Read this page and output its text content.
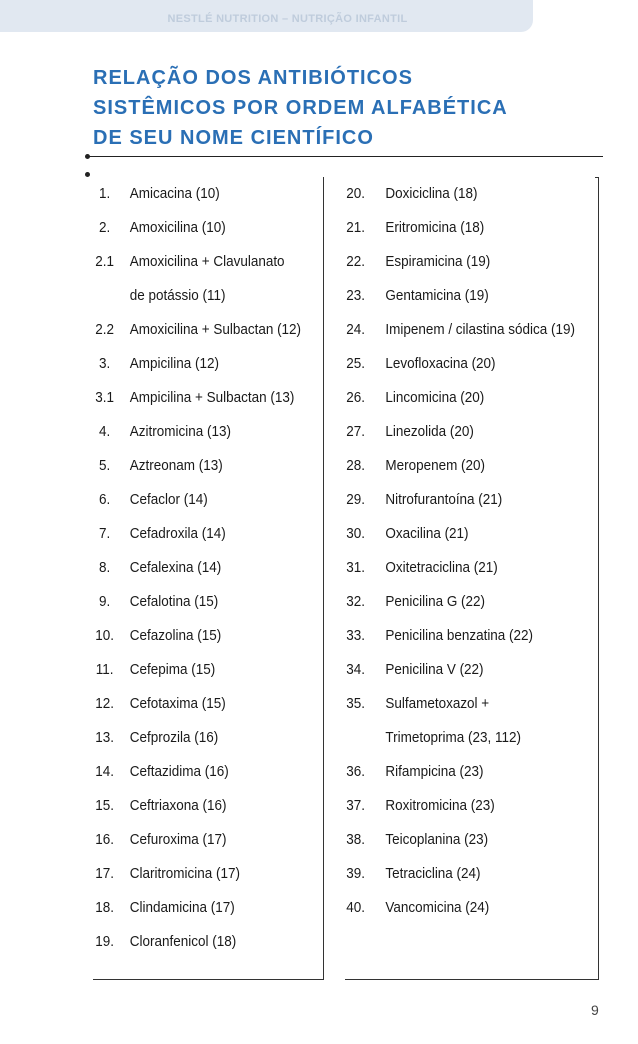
NESTLÉ NUTRITION – NUTRIÇÃO INFANTIL
RELAÇÃO DOS ANTIBIÓTICOS
SISTÊMICOS POR ORDEM ALFABÉTICA
DE SEU NOME CIENTÍFICO
1.	Amicacina (10)
2.	Amoxicilina (10)
2.1	Amoxicilina + Clavulanato
de potássio (11)
2.2	Amoxicilina + Sulbactan (12)
3.	Ampicilina (12)
3.1	Ampicilina + Sulbactan (13)
4.	Azitromicina (13)
5.	Aztreonam (13)
6.	Cefaclor (14)
7.	Cefadroxila (14)
8.	Cefalexina (14)
9.	Cefalotina (15)
10.	Cefazolina (15)
11.	Cefepima (15)
12.	Cefotaxima (15)
13.	Cefprozila (16)
14.	Ceftazidima (16)
15.	Ceftriaxona (16)
16.	Cefuroxima (17)
17.	Claritromicina (17)
18.	Clindamicina (17)
19.	Cloranfenicol (18)
20.	Doxiciclina (18)
21.	Eritromicina (18)
22.	Espiramicina (19)
23.	Gentamicina (19)
24.	Imipenem / cilastina sódica (19)
25.	Levofloxacina (20)
26.	Lincomicina (20)
27.	Linezolida (20)
28.	Meropenem (20)
29.	Nitrofurantoína (21)
30.	Oxacilina (21)
31.	Oxitetraciclina (21)
32.	Penicilina G (22)
33.	Penicilina benzatina (22)
34.	Penicilina V (22)
35.	Sulfametoxazol +
Trimetoprima (23, 112)
36.	Rifampicina (23)
37.	Roxitromicina (23)
38.	Teicoplanina (23)
39.	Tetraciclina (24)
40.	Vancomicina (24)
9
